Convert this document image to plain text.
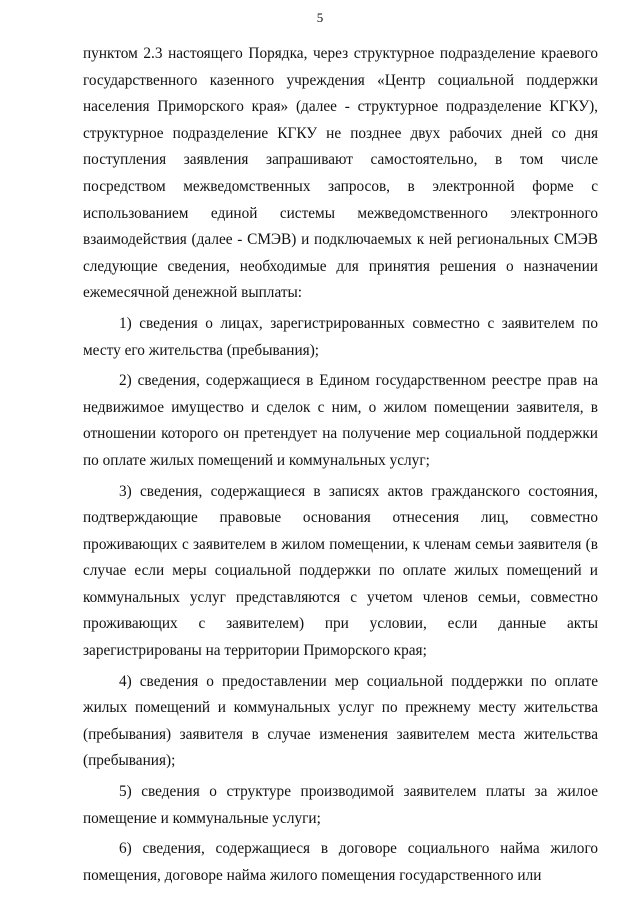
5

пунктом 2.3 настоящего Порядка, через структурное подразделение краевого государственного казенного учреждения «Центр социальной поддержки населения Приморского края» (далее - структурное подразделение КГКУ), структурное подразделение КГКУ не позднее двух рабочих дней со дня поступления заявления запрашивают самостоятельно, в том числе посредством межведомственных запросов, в электронной форме с использованием единой системы межведомственного электронного взаимодействия (далее - СМЭВ) и подключаемых к ней региональных СМЭВ следующие сведения, необходимые для принятия решения о назначении ежемесячной денежной выплаты:

1) сведения о лицах, зарегистрированных совместно с заявителем по месту его жительства (пребывания);

2) сведения, содержащиеся в Едином государственном реестре прав на недвижимое имущество и сделок с ним, о жилом помещении заявителя, в отношении которого он претендует на получение мер социальной поддержки по оплате жилых помещений и коммунальных услуг;

3) сведения, содержащиеся в записях актов гражданского состояния, подтверждающие правовые основания отнесения лиц, совместно проживающих с заявителем в жилом помещении, к членам семьи заявителя (в случае если меры социальной поддержки по оплате жилых помещений и коммунальных услуг представляются с учетом членов семьи, совместно проживающих с заявителем) при условии, если данные акты зарегистрированы на территории Приморского края;

4) сведения о предоставлении мер социальной поддержки по оплате жилых помещений и коммунальных услуг по прежнему месту жительства (пребывания) заявителя в случае изменения заявителем места жительства (пребывания);

5) сведения о структуре производимой заявителем платы за жилое помещение и коммунальные услуги;

6) сведения, содержащиеся в договоре социального найма жилого помещения, договоре найма жилого помещения государственного или
